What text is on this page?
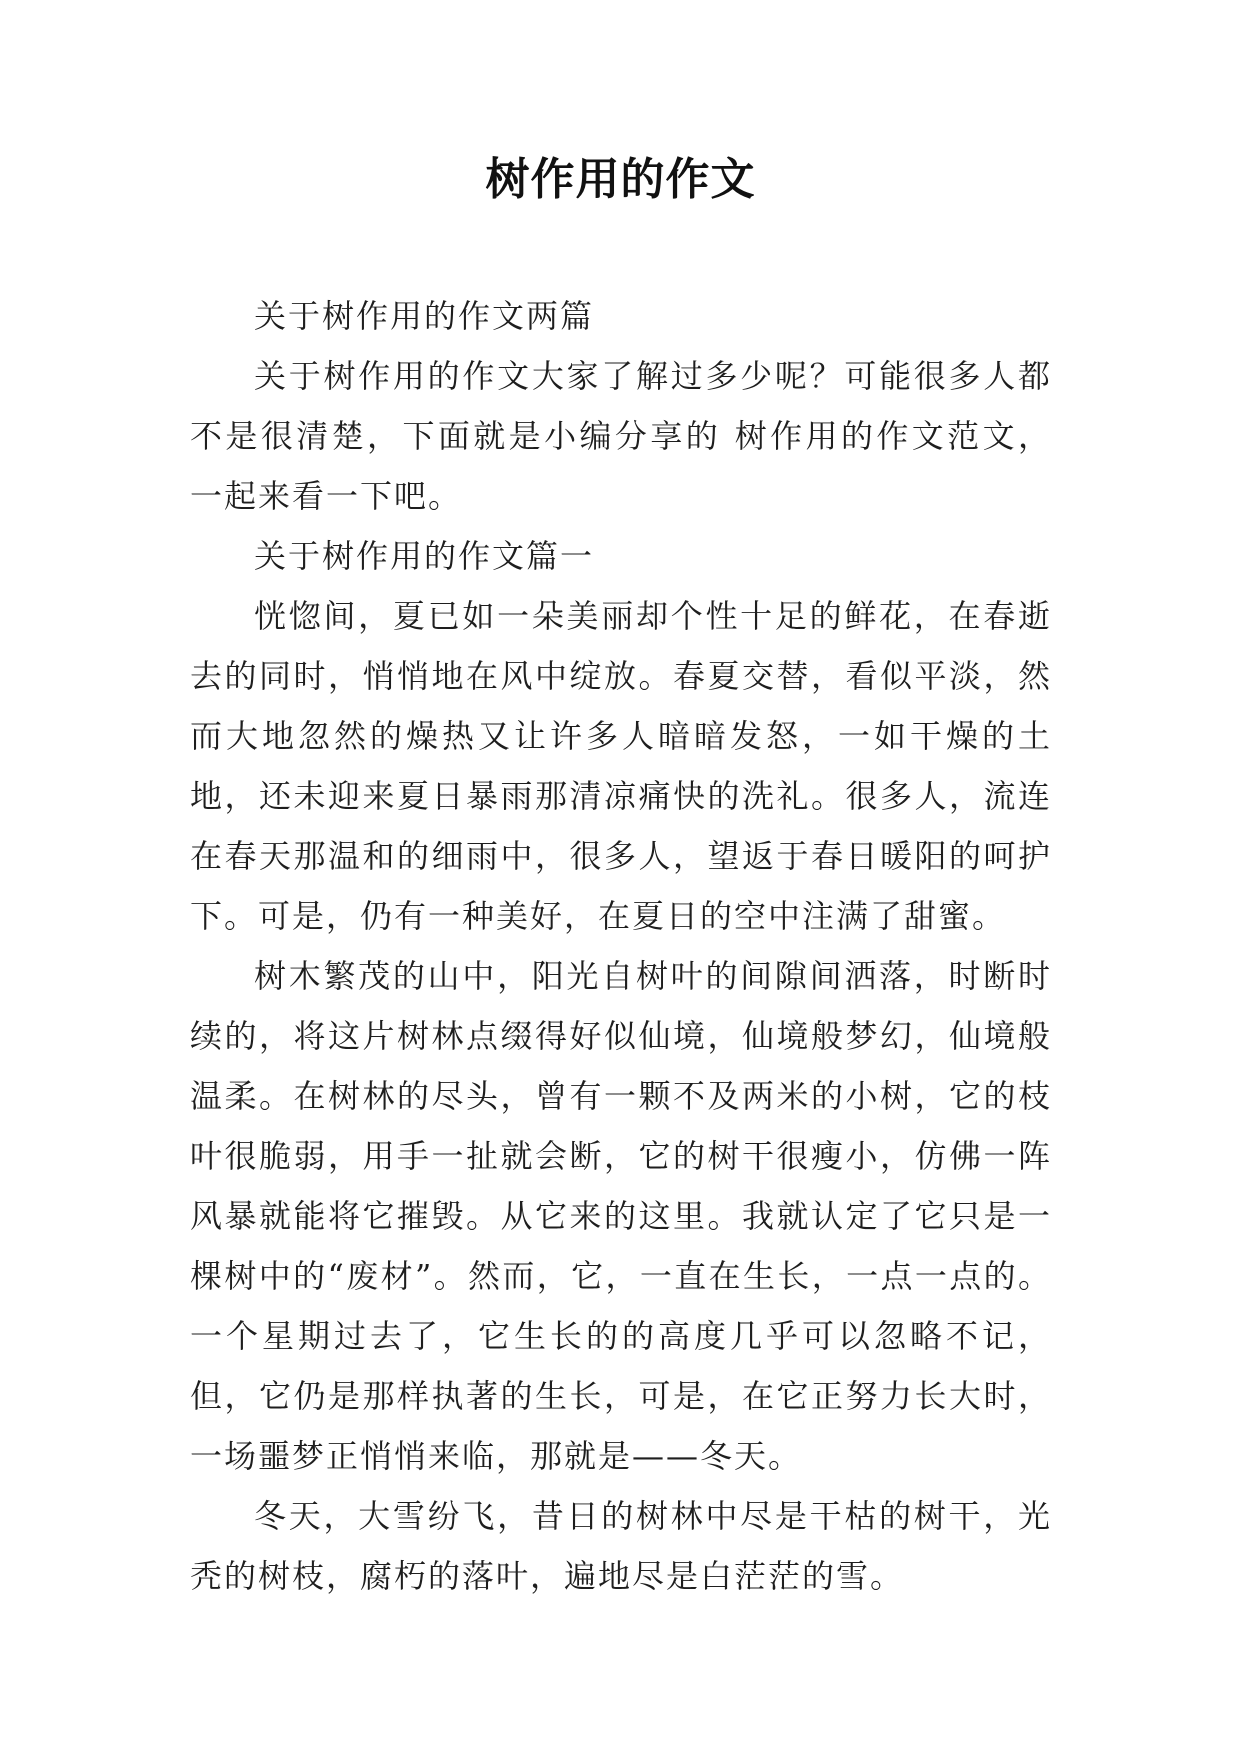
树作用的作文

关于树作用的作文两篇

关于树作用的作文大家了解过多少呢？可能很多人都不是很清楚，下面就是小编分享的 树作用的作文范文，一起来看一下吧。

关于树作用的作文篇一

恍惚间，夏已如一朵美丽却个性十足的鲜花，在春逝去的同时，悄悄地在风中绽放。春夏交替，看似平淡，然而大地忽然的燥热又让许多人暗暗发怒，一如干燥的土地，还未迎来夏日暴雨那清凉痛快的洗礼。很多人，流连在春天那温和的细雨中，很多人，望返于春日暖阳的呵护下。可是，仍有一种美好，在夏日的空中注满了甜蜜。

树木繁茂的山中，阳光自树叶的间隙间洒落，时断时续的，将这片树林点缀得好似仙境，仙境般梦幻，仙境般温柔。在树林的尽头，曾有一颗不及两米的小树，它的枝叶很脆弱，用手一扯就会断，它的树干很瘦小，仿佛一阵风暴就能将它摧毁。从它来的这里。我就认定了它只是一棵树中的“废材”。然而，它，一直在生长，一点一点的。一个星期过去了，它生长的的高度几乎可以忽略不记，但，它仍是那样执著的生长，可是，在它正努力长大时，一场噩梦正悄悄来临，那就是——冬天。

冬天，大雪纷飞，昔日的树林中尽是干枯的树干，光秃的树枝，腐朽的落叶，遍地尽是白茫茫的雪。
